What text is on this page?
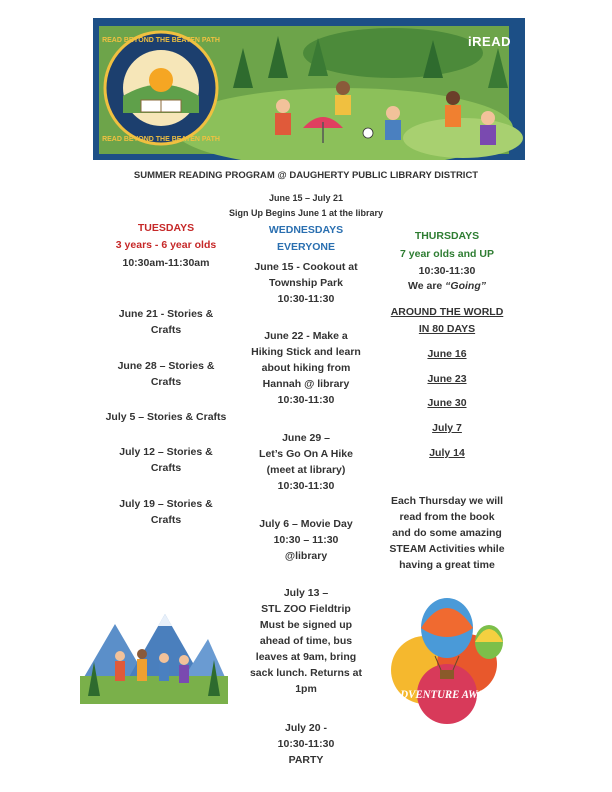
READ BEYOND THE BEATEN PATH
READ BEYOND THE BEATEN PATH
iREAD
SUMMER READING PROGRAM @ DAUGHERTY PUBLIC LIBRARY DISTRICT
June 15 – July 21
Sign Up Begins June 1 at the library
TUESDAYS
3 years - 6 year olds
10:30am-11:30am
June 21 - Stories &
Crafts
June 28 – Stories &
Crafts
July 5 – Stories & Crafts
July 12 – Stories &
Crafts
July 19 – Stories &
Crafts
WEDNESDAYS
EVERYONE
June 15 - Cookout at
Township Park
10:30-11:30
June 22 - Make a
Hiking Stick and learn
about hiking from
Hannah @ library
10:30-11:30
June 29 –
Let’s Go On A Hike
(meet at library)
10:30-11:30
July 6 – Movie Day
10:30 – 11:30
@library
July 13 –
STL ZOO Fieldtrip
Must be signed up
ahead of time, bus
leaves at 9am, bring
sack lunch. Returns at
1pm
July 20 -
10:30-11:30
PARTY
THURSDAYS
7 year olds and UP
10:30-11:30
We are “Going”
AROUND THE WORLD
IN 80 DAYS
June 16
June 23
June 30
July 7
July 14
Each Thursday we will
read from the book
and do some amazing
STEAM Activities while
having a great time
ADVENTURE AWAITS
